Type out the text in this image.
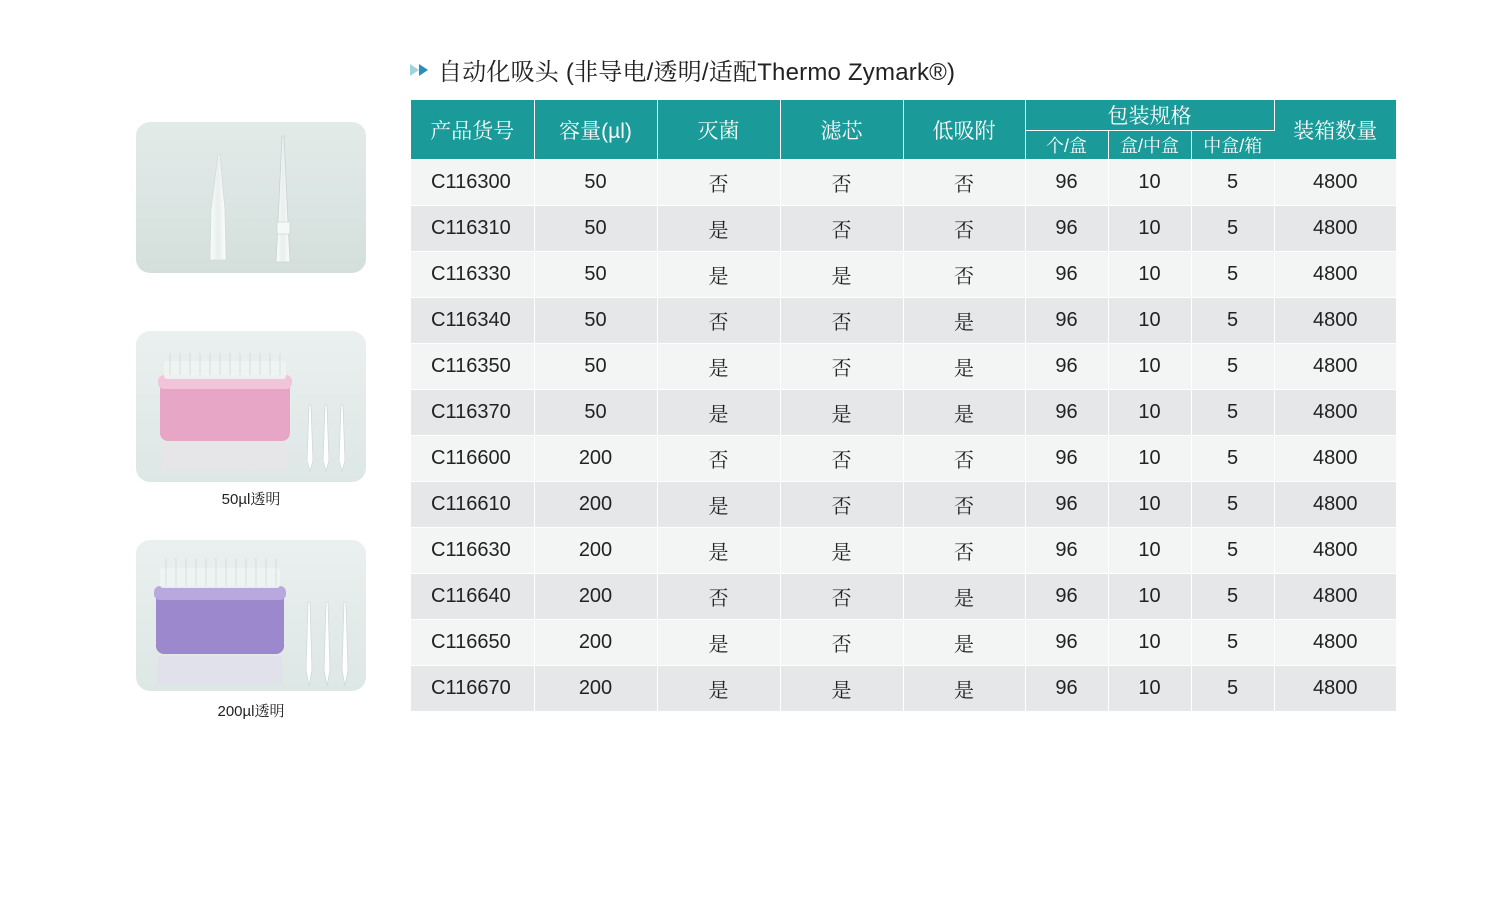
自动化吸头 (非导电/透明/适配Thermo Zymark®)
50µl透明
200µl透明
产品货号	容量(µl)	灭菌	滤芯	低吸附	包装规格			装箱数量
					个/盒	盒/中盒	中盒/箱	
C116300	50	否	否	否	96	10	5	4800
C116310	50	是	否	否	96	10	5	4800
C116330	50	是	是	否	96	10	5	4800
C116340	50	否	否	是	96	10	5	4800
C116350	50	是	否	是	96	10	5	4800
C116370	50	是	是	是	96	10	5	4800
C116600	200	否	否	否	96	10	5	4800
C116610	200	是	否	否	96	10	5	4800
C116630	200	是	是	否	96	10	5	4800
C116640	200	否	否	是	96	10	5	4800
C116650	200	是	否	是	96	10	5	4800
C116670	200	是	是	是	96	10	5	4800
